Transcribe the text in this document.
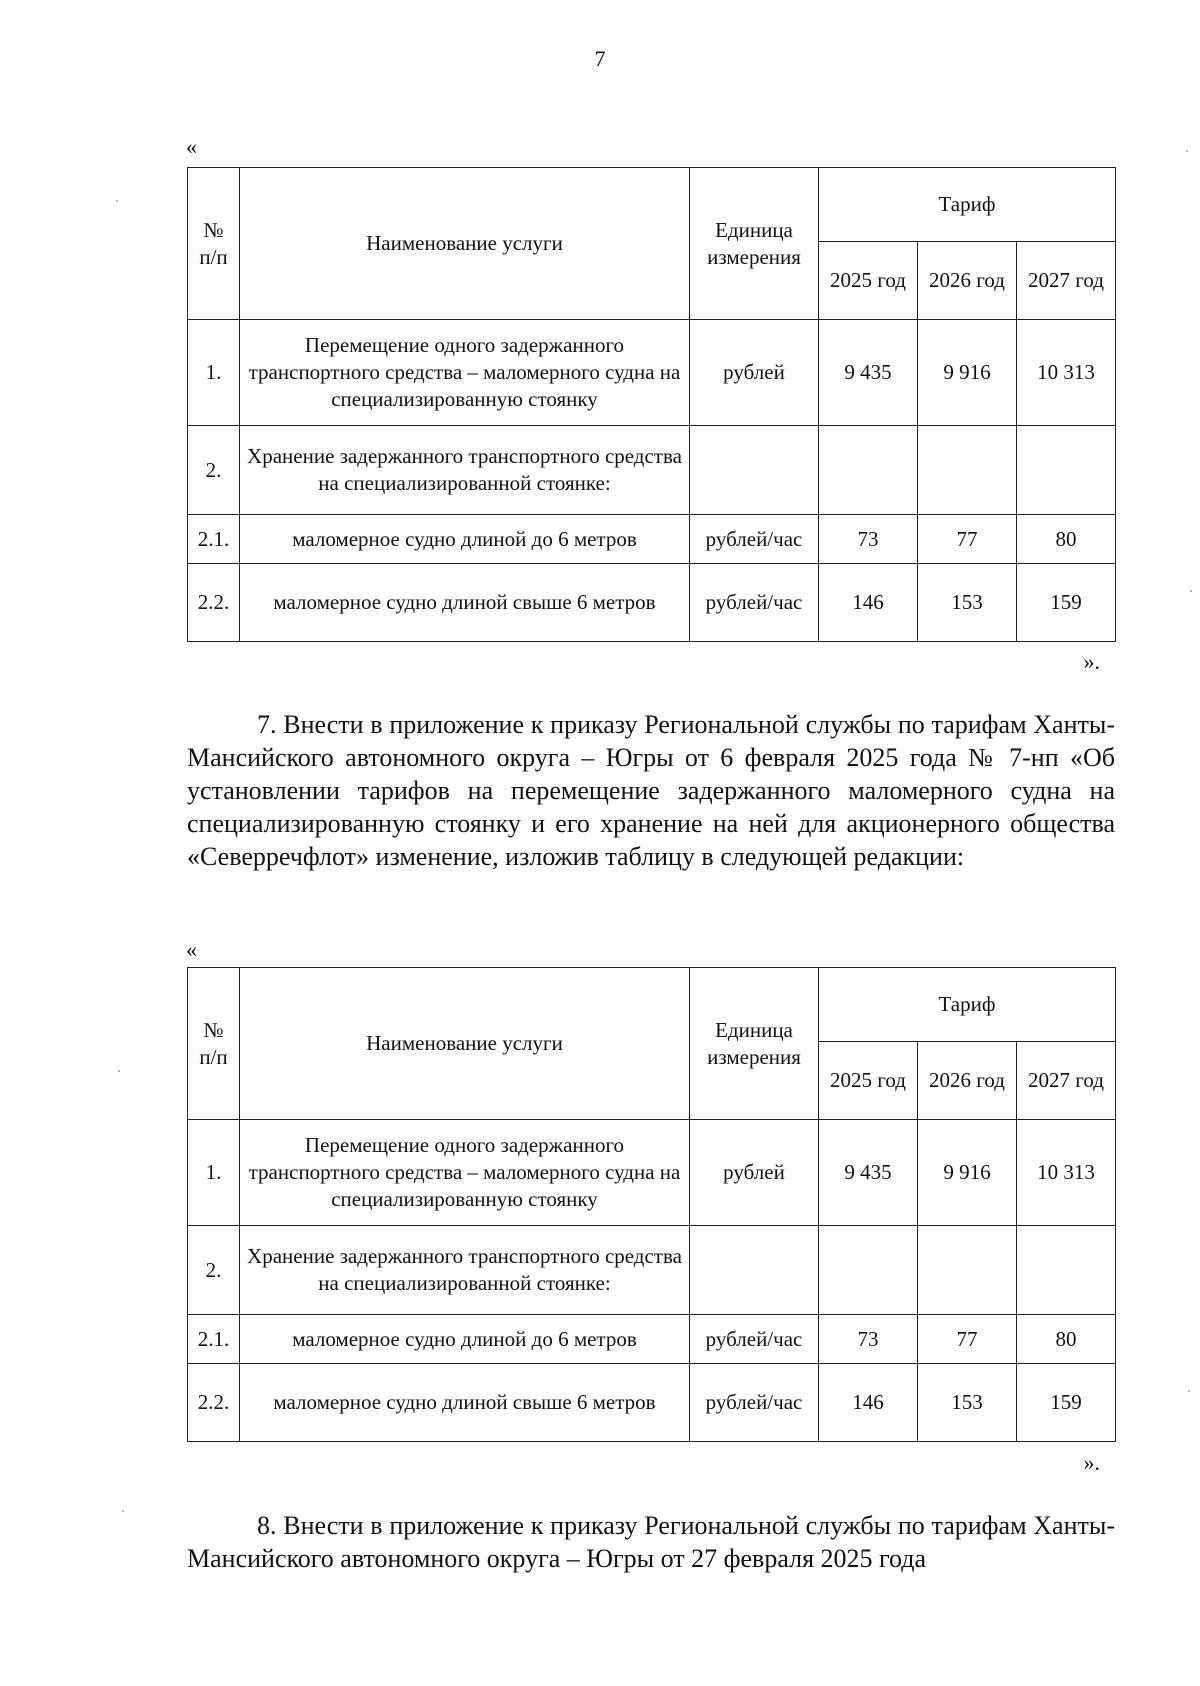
7
«
№ п/п	Наименование услуги	Единица измерения	Тариф		
			2025 год	2026 год	2027 год
1.	Перемещение одного задержанного транспортного средства – маломерного судна на специализированную стоянку	рублей	9 435	9 916	10 313
2.	Хранение задержанного транспортного средства на специализированной стоянке:				
2.1.	маломерное судно длиной до 6 метров	рублей/час	73	77	80
2.2.	маломерное судно длиной свыше 6 метров	рублей/час	146	153	159
».

7. Внести в приложение к приказу Региональной службы по тарифам Ханты-Мансийского автономного округа – Югры от 6 февраля 2025 года № 7-нп «Об установлении тарифов на перемещение задержанного маломерного судна на специализированную стоянку и его хранение на ней для акционерного общества «Северречфлот» изменение, изложив таблицу в следующей редакции:

«
№ п/п	Наименование услуги	Единица измерения	Тариф		
			2025 год	2026 год	2027 год
1.	Перемещение одного задержанного транспортного средства – маломерного судна на специализированную стоянку	рублей	9 435	9 916	10 313
2.	Хранение задержанного транспортного средства на специализированной стоянке:				
2.1.	маломерное судно длиной до 6 метров	рублей/час	73	77	80
2.2.	маломерное судно длиной свыше 6 метров	рублей/час	146	153	159
».

8. Внести в приложение к приказу Региональной службы по тарифам Ханты-Мансийского автономного округа – Югры от 27 февраля 2025 года
